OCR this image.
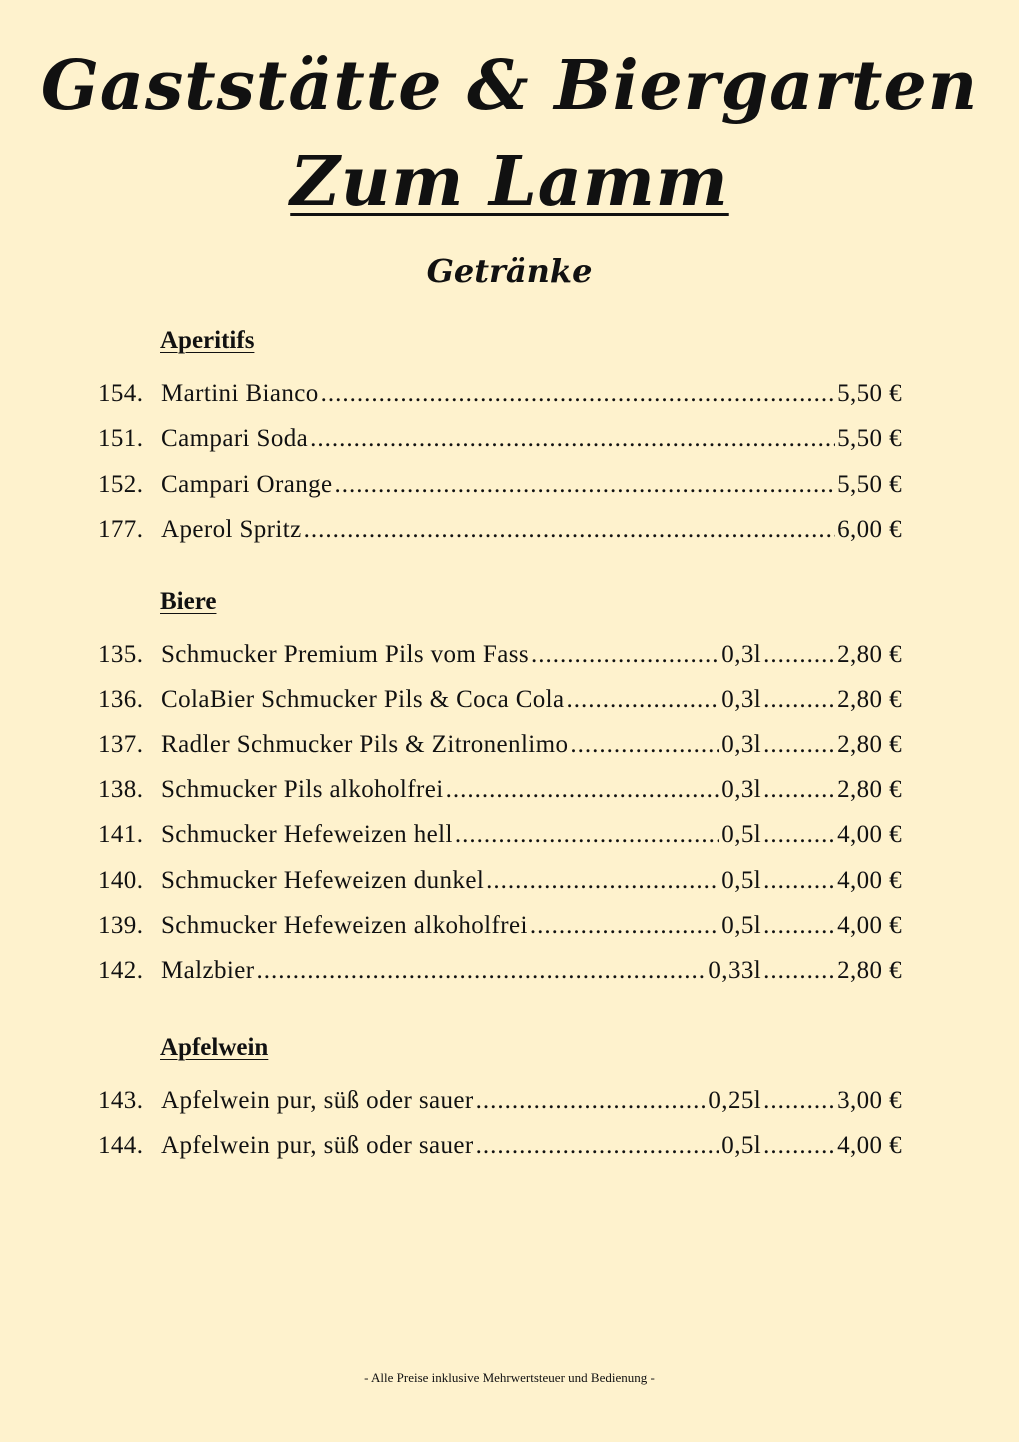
Gaststätte & Biergarten
Zum Lamm
Getränke
Aperitifs
154. Martini Bianco .....	5,50 €
151. Campari Soda .....	5,50 €
152. Campari Orange .....	5,50 €
177. Aperol Spritz .....	6,00 €
Biere
135. Schmucker Premium Pils vom Fass .....	0,3l .....	2,80 €
136. ColaBier Schmucker Pils & Coca Cola .....	0,3l .....	2,80 €
137. Radler Schmucker Pils & Zitronenlimo .....	0,3l .....	2,80 €
138. Schmucker Pils alkoholfrei .....	0,3l .....	2,80 €
141. Schmucker Hefeweizen hell .....	0,5l .....	4,00 €
140. Schmucker Hefeweizen dunkel .....	0,5l .....	4,00 €
139. Schmucker Hefeweizen alkoholfrei .....	0,5l .....	4,00 €
142. Malzbier .....	0,33l .....	2,80 €
Apfelwein
143. Apfelwein pur, süß oder sauer .....	0,25l .....	3,00 €
144. Apfelwein pur, süß oder sauer .....	0,5l .....	4,00 €

- Alle Preise inklusive Mehrwertsteuer und Bedienung -
